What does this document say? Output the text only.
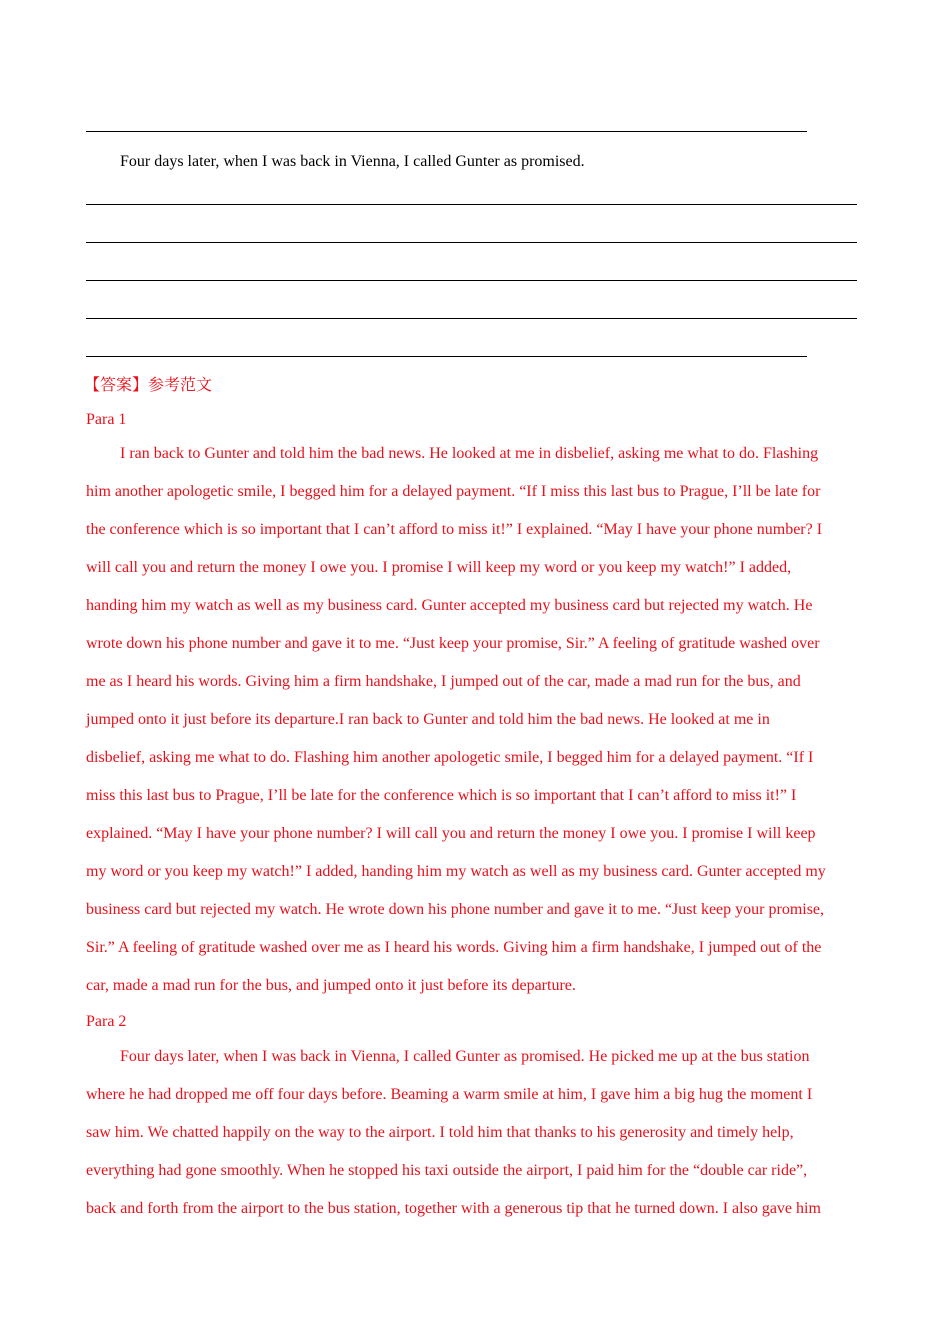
Four days later, when I was back in Vienna, I called Gunter as promised.
【答案】参考范文
Para 1
I ran back to Gunter and told him the bad news. He looked at me in disbelief, asking me what to do. Flashing
him another apologetic smile, I begged him for a delayed payment. “If I miss this last bus to Prague, I’ll be late for
the conference which is so important that I can’t afford to miss it!” I explained. “May I have your phone number? I
will call you and return the money I owe you. I promise I will keep my word or you keep my watch!” I added,
handing him my watch as well as my business card. Gunter accepted my business card but rejected my watch. He
wrote down his phone number and gave it to me. “Just keep your promise, Sir.” A feeling of gratitude washed over
me as I heard his words. Giving him a firm handshake, I jumped out of the car, made a mad run for the bus, and
jumped onto it just before its departure.I ran back to Gunter and told him the bad news. He looked at me in
disbelief, asking me what to do. Flashing him another apologetic smile, I begged him for a delayed payment. “If I
miss this last bus to Prague, I’ll be late for the conference which is so important that I can’t afford to miss it!” I
explained. “May I have your phone number? I will call you and return the money I owe you. I promise I will keep
my word or you keep my watch!” I added, handing him my watch as well as my business card. Gunter accepted my
business card but rejected my watch. He wrote down his phone number and gave it to me. “Just keep your promise,
Sir.” A feeling of gratitude washed over me as I heard his words. Giving him a firm handshake, I jumped out of the
car, made a mad run for the bus, and jumped onto it just before its departure.
Para 2
Four days later, when I was back in Vienna, I called Gunter as promised. He picked me up at the bus station
where he had dropped me off four days before. Beaming a warm smile at him, I gave him a big hug the moment I
saw him. We chatted happily on the way to the airport. I told him that thanks to his generosity and timely help,
everything had gone smoothly. When he stopped his taxi outside the airport, I paid him for the “double car ride”,
back and forth from the airport to the bus station, together with a generous tip that he turned down. I also gave him
